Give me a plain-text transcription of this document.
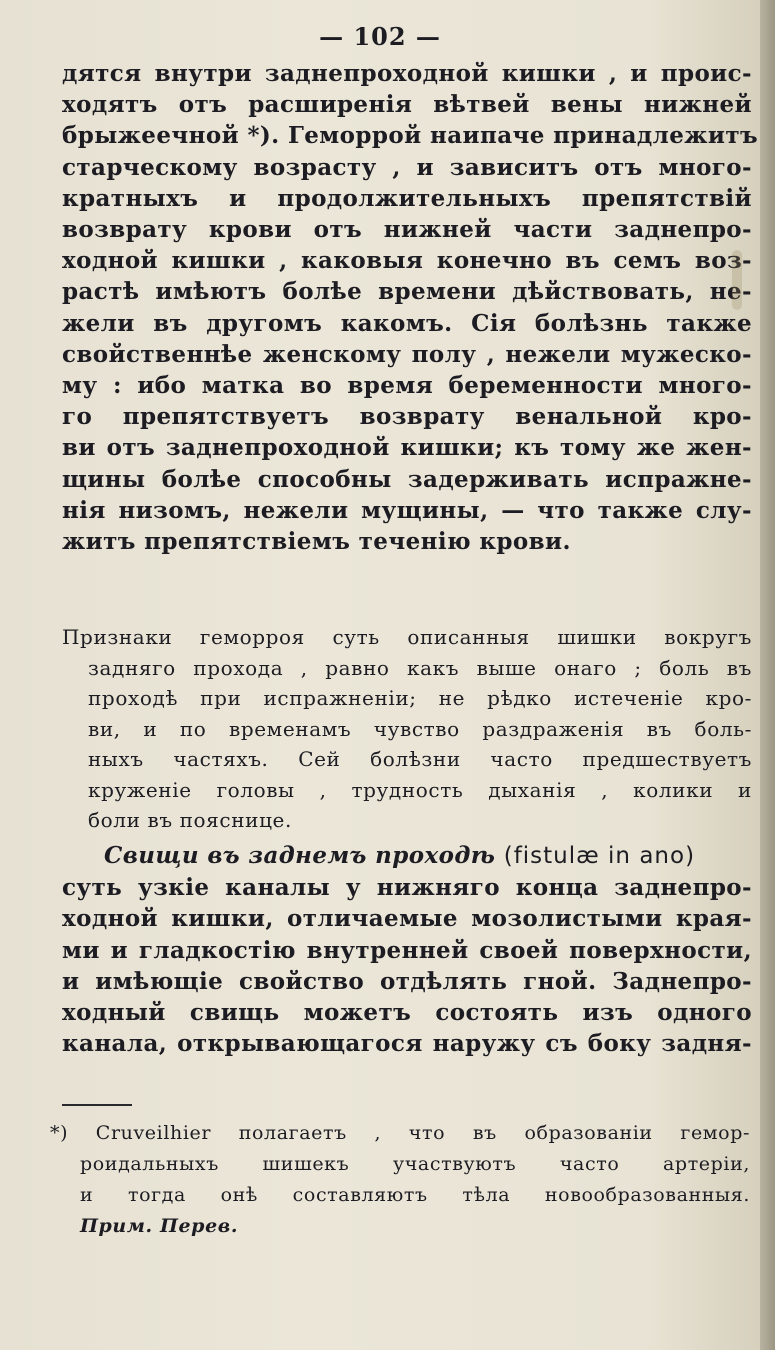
— 102 —
дятся внутри заднепроходной кишки , и проис-
ходятъ отъ расширенія вѣтвей вены нижней
брыжеечной *). Геморрой наипаче принадлежитъ
старческому возрасту , и зависитъ отъ много-
кратныхъ и продолжительныхъ препятствій
возврату крови отъ нижней части заднепро-
ходной кишки , каковыя конечно въ семъ воз-
растѣ имѣютъ болѣе времени дѣйствовать, не-
жели въ другомъ какомъ. Сія болѣзнь также
свойственнѣе женскому полу , нежели мужеско-
му : ибо матка во время беременности много-
го препятствуетъ возврату венальной кро-
ви отъ заднепроходной кишки; къ тому же жен-
щины болѣе способны задерживать испражне-
нія низомъ, нежели мущины, — что также слу-
житъ препятствіемъ теченію крови.
Признаки геморроя суть описанныя шишки вокругъ
задняго прохода , равно какъ выше онаго ; боль въ
проходѣ при испражненіи; не рѣдко истеченіе кро-
ви, и по временамъ чувство раздраженія въ боль-
ныхъ частяхъ. Сей болѣзни часто предшествуетъ
круженіе головы , трудность дыханія , колики и
боли въ пояснице.
Свищи въ заднемъ проходѣ (fistulæ in ano)
суть узкіе каналы у нижняго конца заднепро-
ходной кишки, отличаемые мозолистыми края-
ми и гладкостію внутренней своей поверхности,
и имѣющіе свойство отдѣлять гной. Заднепро-
ходный свищь можетъ состоять изъ одного
канала, открывающагося наружу съ боку задня-
*) Cruveilhier полагаетъ , что въ образованіи гемор-
роидальныхъ шишекъ участвуютъ часто артеріи,
и тогда онѣ составляютъ тѣла новообразованныя.
Прим. Перев.
